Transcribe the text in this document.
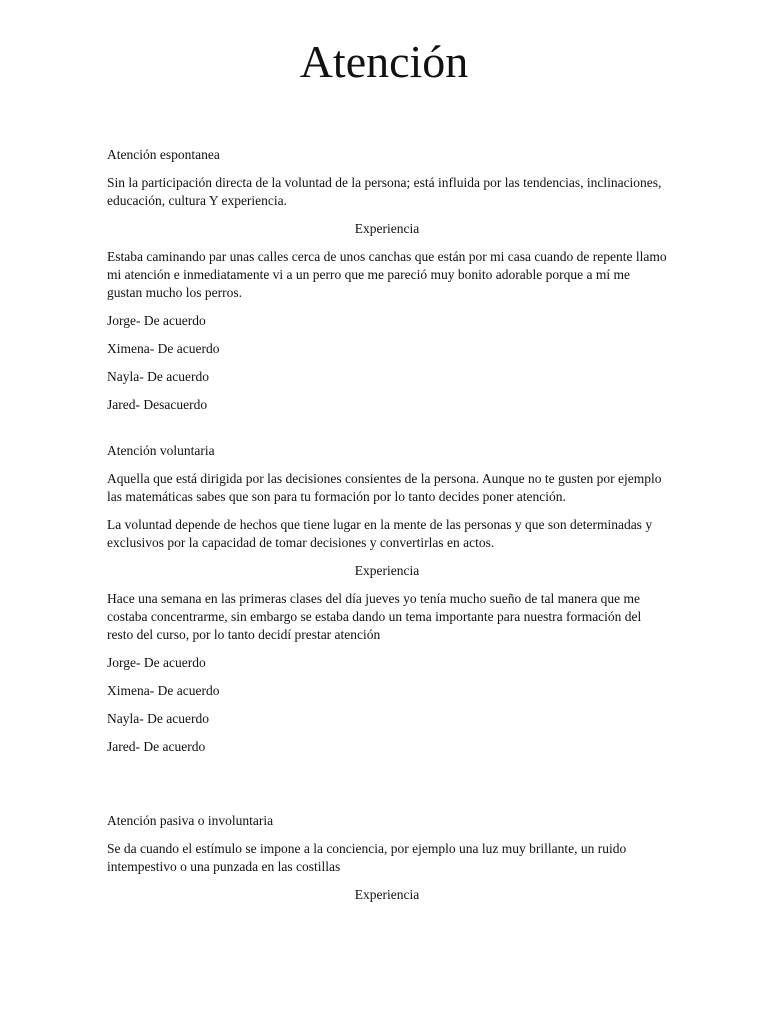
Atención

Atención espontanea

Sin la participación directa de la voluntad de la persona; está influida por las tendencias, inclinaciones, educación, cultura Y experiencia.

Experiencia

Estaba caminando par unas calles cerca de unos canchas que están por mi casa cuando de repente llamo mi atención e inmediatamente vi a un perro que me pareció muy bonito adorable porque a mí me gustan mucho los perros.

Jorge- De acuerdo

Ximena- De acuerdo

Nayla- De acuerdo

Jared- Desacuerdo

Atención voluntaria

Aquella que está dirigida por las decisiones consientes de la persona. Aunque no te gusten por ejemplo las matemáticas sabes que son para tu formación por lo tanto decides poner atención.

La voluntad depende de hechos que tiene lugar en la mente de las personas y que son determinadas y exclusivos por la capacidad de tomar decisiones y convertirlas en actos.

Experiencia

Hace una semana en las primeras clases del día jueves yo tenía mucho sueño de tal manera que me costaba concentrarme, sin embargo se estaba dando un tema importante para nuestra formación del resto del curso, por lo tanto decidí prestar atención

Jorge- De acuerdo

Ximena- De acuerdo

Nayla- De acuerdo

Jared- De acuerdo

Atención pasiva o involuntaria

Se da cuando el estímulo se impone a la conciencia, por ejemplo una luz muy brillante, un ruido intempestivo o una punzada en las costillas

Experiencia
